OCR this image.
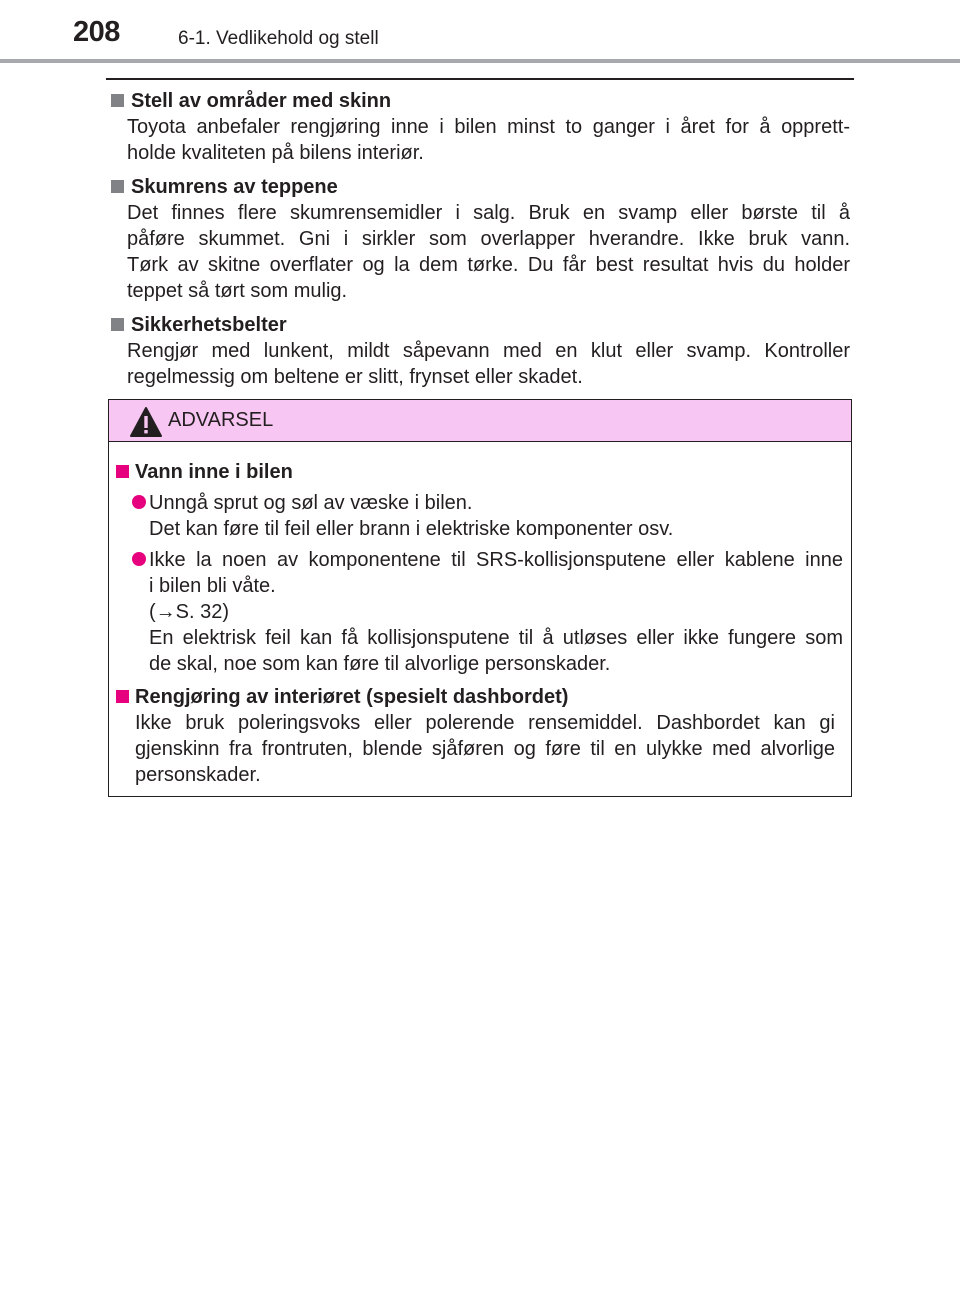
208	6-1. Vedlikehold og stell
Stell av områder med skinn
Toyota anbefaler rengjøring inne i bilen minst to ganger i året for å opprett-
holde kvaliteten på bilens interiør.
Skumrens av teppene
Det finnes flere skumrensemidler i salg. Bruk en svamp eller børste til å
påføre skummet. Gni i sirkler som overlapper hverandre. Ikke bruk vann.
Tørk av skitne overflater og la dem tørke. Du får best resultat hvis du holder
teppet så tørt som mulig.
Sikkerhetsbelter
Rengjør med lunkent, mildt såpevann med en klut eller svamp. Kontroller
regelmessig om beltene er slitt, frynset eller skadet.
ADVARSEL
Vann inne i bilen
Unngå sprut og søl av væske i bilen.
Det kan føre til feil eller brann i elektriske komponenter osv.
Ikke la noen av komponentene til SRS-kollisjonsputene eller kablene inne
i bilen bli våte.
(→S. 32)
En elektrisk feil kan få kollisjonsputene til å utløses eller ikke fungere som
de skal, noe som kan føre til alvorlige personskader.
Rengjøring av interiøret (spesielt dashbordet)
Ikke bruk poleringsvoks eller polerende rensemiddel. Dashbordet kan gi
gjenskinn fra frontruten, blende sjåføren og føre til en ulykke med alvorlige
personskader.
